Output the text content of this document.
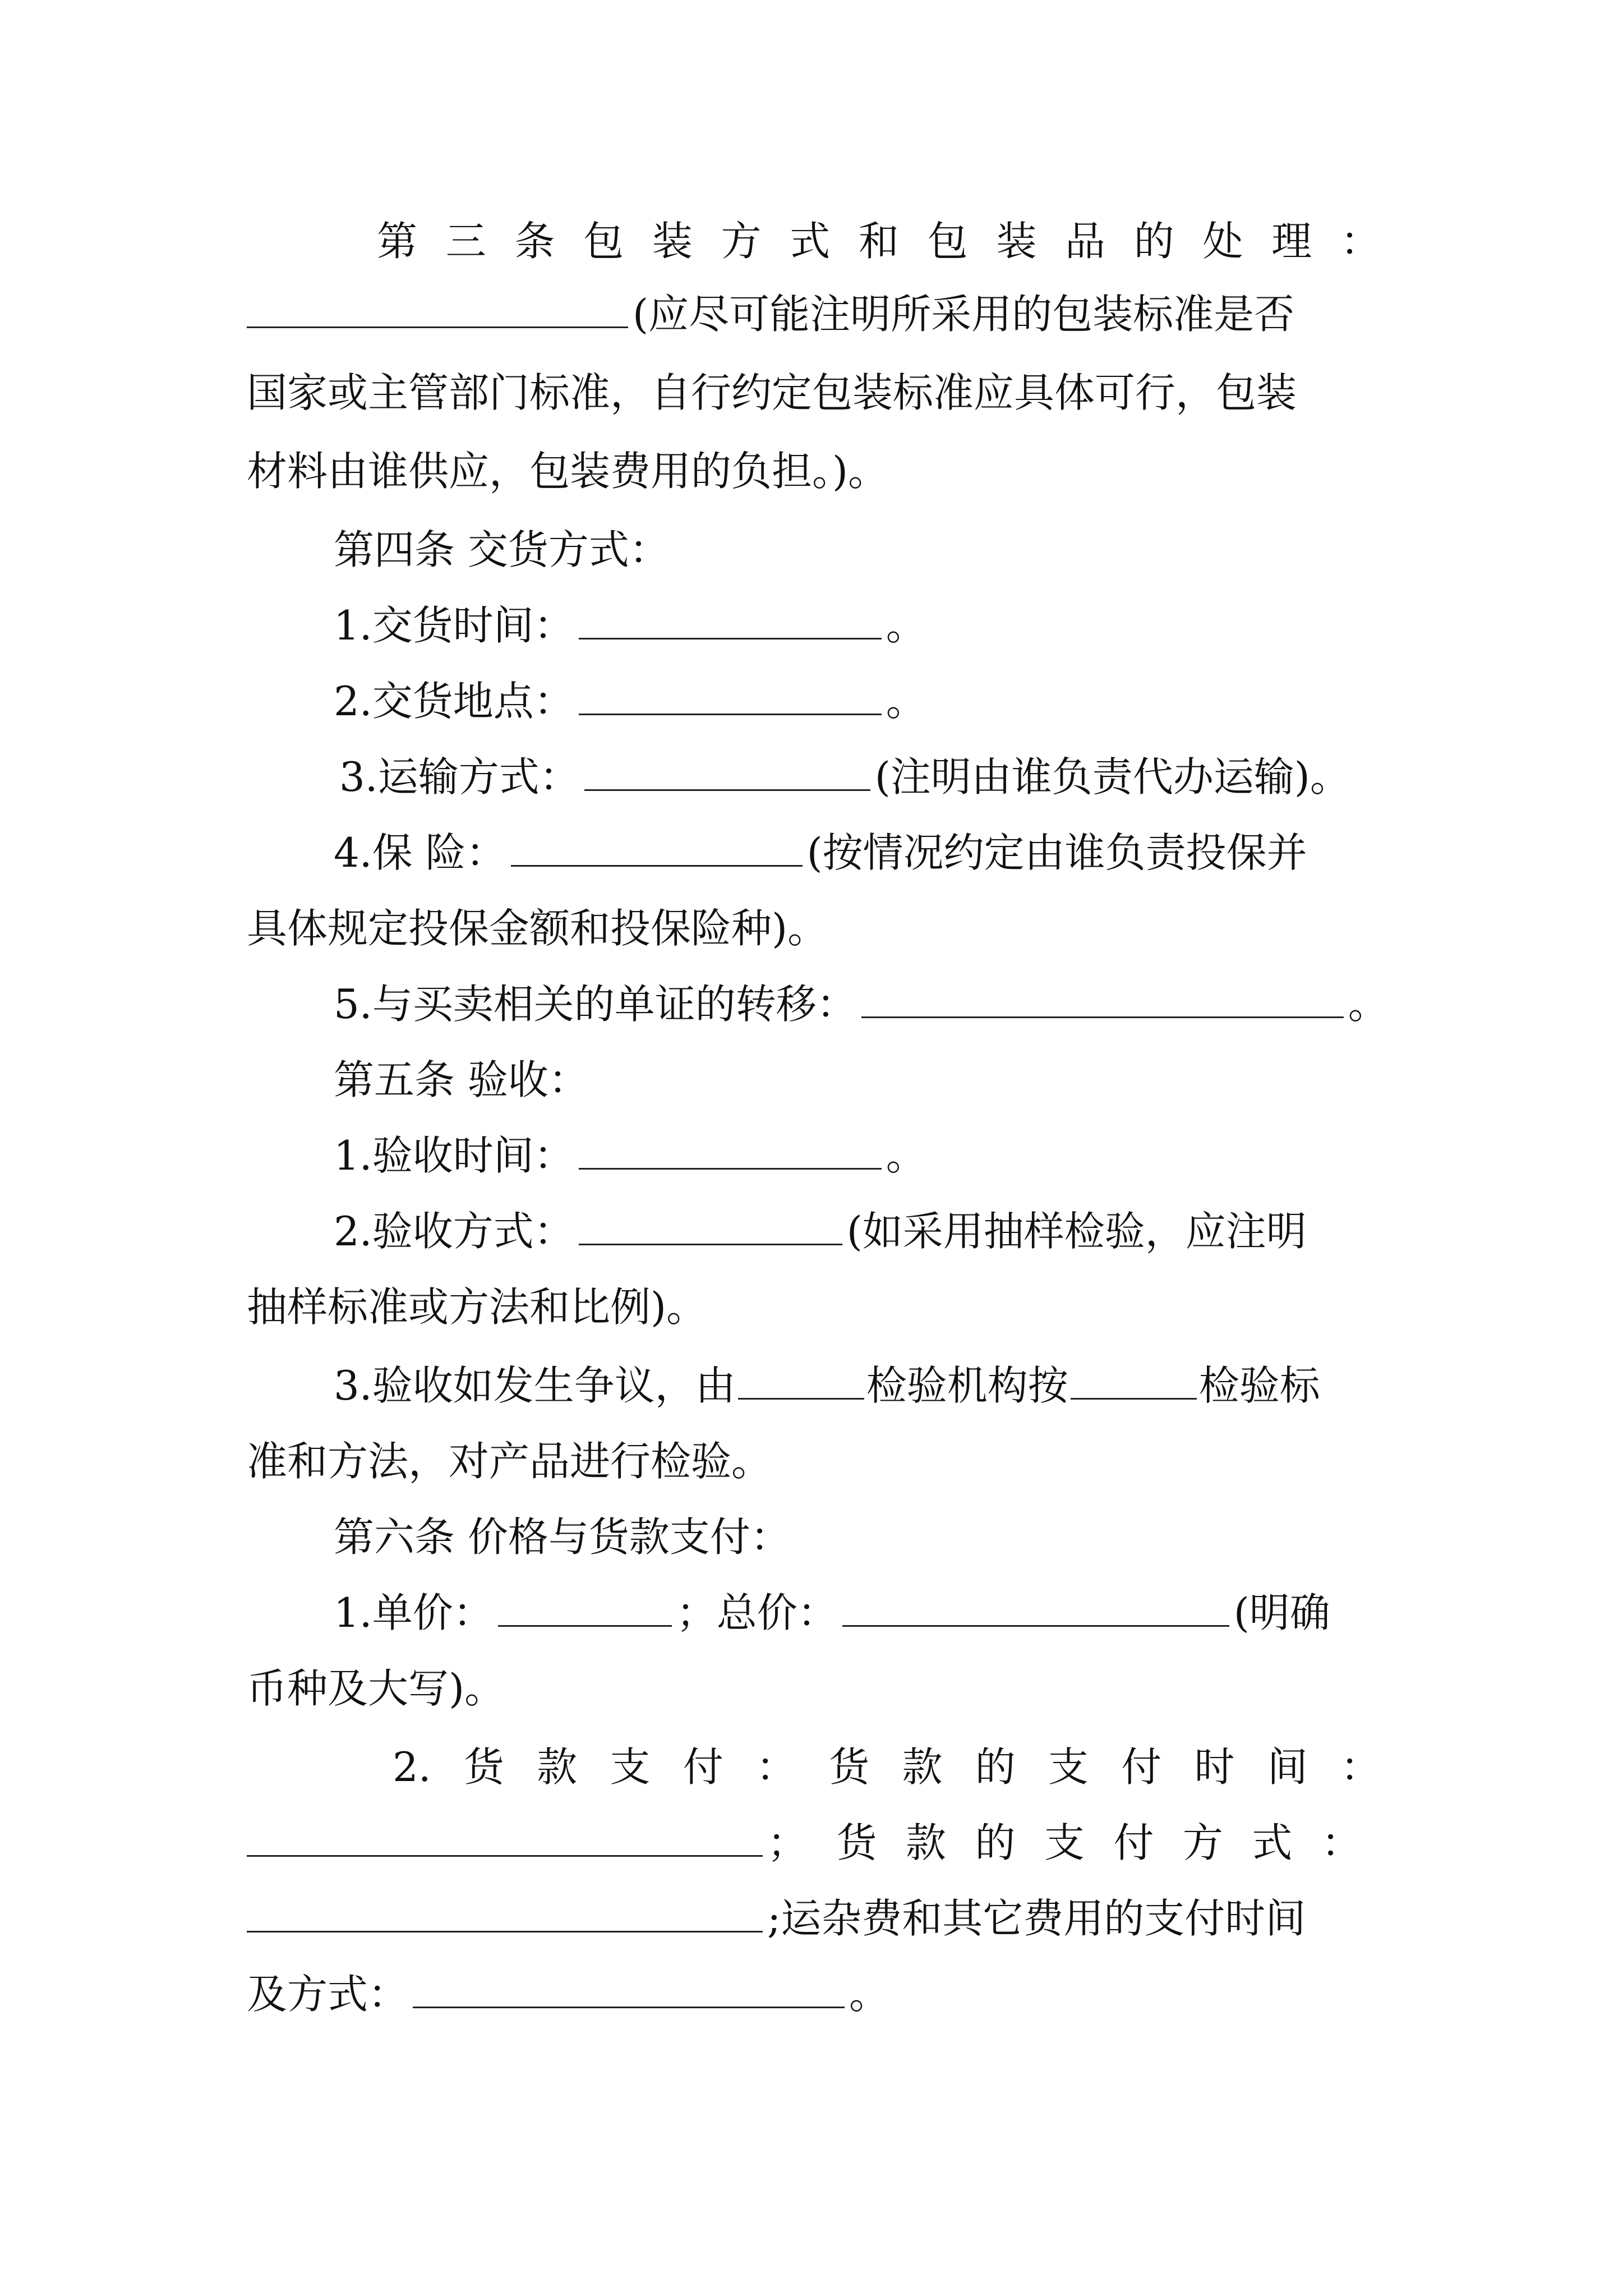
第 三 条 包 装 方 式 和 包 装 品 的 处 理 ：
(应尽可能注明所采用的包装标准是否
国家或主管部门标准，自行约定包装标准应具体可行，包装
材料由谁供应，包装费用的负担。)。
第四条 交货方式：
1.交货时间：	。
2.交货地点：	。
3.运输方式：	(注明由谁负责代办运输)。
4.保 险：	(按情况约定由谁负责投保并
具体规定投保金额和投保险种)。
5.与买卖相关的单证的转移：	。
第五条 验收：
1.验收时间：	。
2.验收方式：	(如采用抽样检验，应注明
抽样标准或方法和比例)。
3.验收如发生争议，由	检验机构按	检验标
准和方法，对产品进行检验。
第六条 价格与货款支付：
1.单价：	；总价：	(明确
币种及大写)。
2. 货 款 支 付 ： 货 款 的 支 付 时 间 ：
； 货 款 的 支 付 方 式 ：
;运杂费和其它费用的支付时间
及方式：	。
